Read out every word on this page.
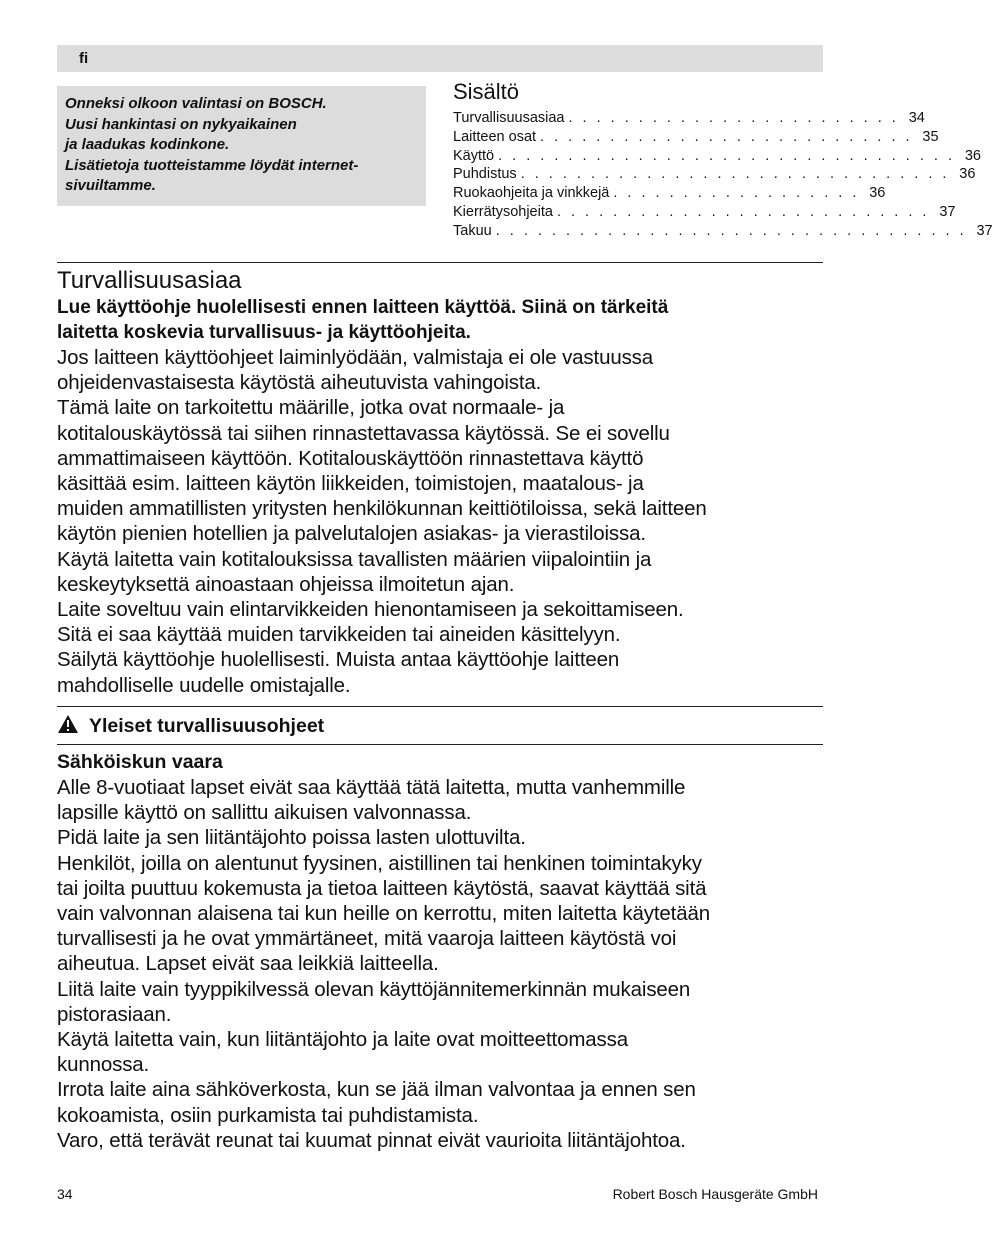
fi
Onneksi olkoon valintasi on BOSCH.
Uusi hankintasi on nykyaikainen
ja laadukas kodinkone.
Lisätietoja tuotteistamme löydät internet-
sivuiltamme.
Sisältö
Turvallisuusasiaa . . . . . . . . . . . . . . . . . . . . . . . . 34
Laitteen osat . . . . . . . . . . . . . . . . . . . . . . . . . . . 35
Käyttö . . . . . . . . . . . . . . . . . . . . . . . . . . . . . . . . . 36
Puhdistus . . . . . . . . . . . . . . . . . . . . . . . . . . . . . . . 36
Ruokaohjeita ja vinkkejä . . . . . . . . . . . . . . . . . . 36
Kierrätysohjeita . . . . . . . . . . . . . . . . . . . . . . . . . . . 37
Takuu . . . . . . . . . . . . . . . . . . . . . . . . . . . . . . . . . . 37
Turvallisuusasiaa

Lue käyttöohje huolellisesti ennen laitteen käyttöä. Siinä on tärkeitä
laitetta koskevia turvallisuus- ja käyttöohjeita.

Jos laitteen käyttöohjeet laiminlyödään, valmistaja ei ole vastuussa
ohjeidenvastaisesta käytöstä aiheutuvista vahingoista.
Tämä laite on tarkoitettu määrille, jotka ovat normaale- ja
kotitalouskäytössä tai siihen rinnastettavassa käytössä. Se ei sovellu
ammattimaiseen käyttöön. Kotitalouskäyttöön rinnastettava käyttö
käsittää esim. laitteen käytön liikkeiden, toimistojen, maatalous- ja
muiden ammatillisten yritysten henkilökunnan keittiötiloissa, sekä laitteen
käytön pienien hotellien ja palvelutalojen asiakas- ja vierastiloissa.
Käytä laitetta vain kotitalouksissa tavallisten määrien viipalointiin ja
keskeytyksettä ainoastaan ohjeissa ilmoitetun ajan.
Laite soveltuu vain elintarvikkeiden hienontamiseen ja sekoittamiseen.
Sitä ei saa käyttää muiden tarvikkeiden tai aineiden käsittelyyn.
Säilytä käyttöohje huolellisesti. Muista antaa käyttöohje laitteen
mahdolliselle uudelle omistajalle.

Yleiset turvallisuusohjeet
Sähköiskun vaara

Alle 8-vuotiaat lapset eivät saa käyttää tätä laitetta, mutta vanhemmille
lapsille käyttö on sallittu aikuisen valvonnassa.
Pidä laite ja sen liitäntäjohto poissa lasten ulottuvilta.
Henkilöt, joilla on alentunut fyysinen, aistillinen tai henkinen toimintakyky
tai joilta puuttuu kokemusta ja tietoa laitteen käytöstä, saavat käyttää sitä
vain valvonnan alaisena tai kun heille on kerrottu, miten laitetta käytetään
turvallisesti ja he ovat ymmärtäneet, mitä vaaroja laitteen käytöstä voi
aiheutua. Lapset eivät saa leikkiä laitteella.
Liitä laite vain tyyppikilvessä olevan käyttöjännitemerkinnän mukaiseen
pistorasiaan.
Käytä laitetta vain, kun liitäntäjohto ja laite ovat moitteettomassa
kunnossa.
Irrota laite aina sähköverkosta, kun se jää ilman valvontaa ja ennen sen
kokoamista, osiin purkamista tai puhdistamista.
Varo, että terävät reunat tai kuumat pinnat eivät vaurioita liitäntäjohtoa.

34	Robert Bosch Hausgeräte GmbH
